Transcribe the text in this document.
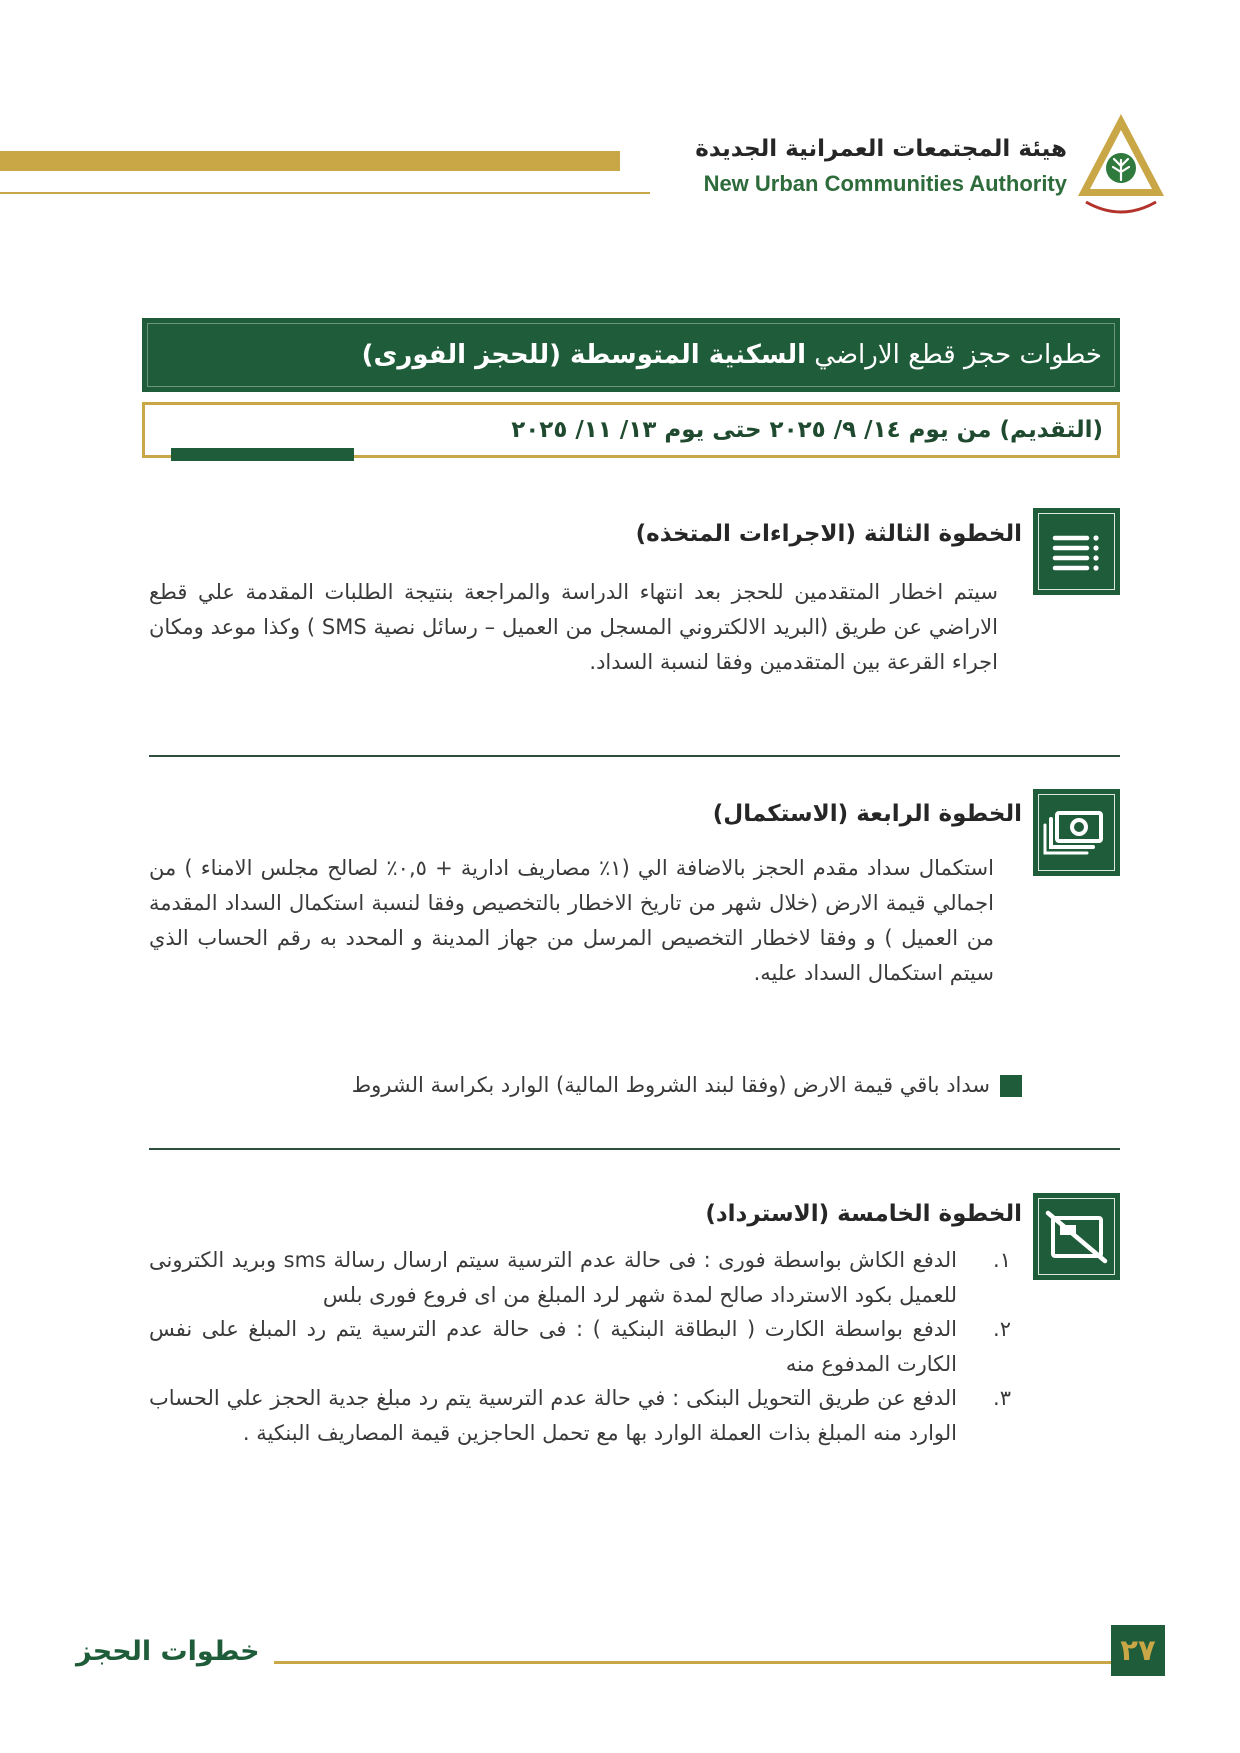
هيئة المجتمعات العمرانية الجديدة
New Urban Communities Authority
خطوات حجز قطع الاراضي السكنية المتوسطة (للحجز الفورى)
(التقديم) من يوم ١٤/ ٩/ ٢٠٢٥ حتى يوم ١٣/ ١١/ ٢٠٢٥
الخطوة الثالثة (الاجراءات المتخذه)
سيتم اخطار المتقدمين للحجز بعد انتهاء الدراسة والمراجعة بنتيجة الطلبات المقدمة علي قطع الاراضي عن طريق (البريد الالكتروني المسجل من العميل – رسائل نصية SMS ) وكذا موعد ومكان اجراء القرعة بين المتقدمين وفقا لنسبة السداد.
الخطوة الرابعة (الاستكمال)
استكمال سداد مقدم الحجز بالاضافة الي (١٪ مصاريف ادارية + ٠,٥٪ لصالح مجلس الامناء ) من اجمالي قيمة الارض (خلال شهر من تاريخ الاخطار بالتخصيص وفقا لنسبة استكمال السداد المقدمة من العميل ) و وفقا لاخطار التخصيص المرسل من جهاز المدينة و المحدد به رقم الحساب الذي سيتم استكمال السداد عليه.
سداد باقي قيمة الارض (وفقا لبند الشروط المالية) الوارد بكراسة الشروط
الخطوة الخامسة (الاسترداد)
١.
الدفع الكاش بواسطة فورى : فى حالة عدم الترسية سيتم ارسال رسالة sms وبريد الكترونى للعميل بكود الاسترداد صالح لمدة شهر لرد المبلغ من اى فروع فورى بلس
٢.
الدفع بواسطة الكارت ( البطاقة البنكية ) : فى حالة عدم الترسية يتم رد المبلغ على نفس الكارت المدفوع منه
٣.
الدفع عن طريق التحويل البنكى : في حالة عدم الترسية يتم رد مبلغ جدية الحجز علي الحساب الوارد منه المبلغ بذات العملة الوارد بها مع تحمل الحاجزين قيمة المصاريف البنكية .
خطوات الحجز	٢٧
